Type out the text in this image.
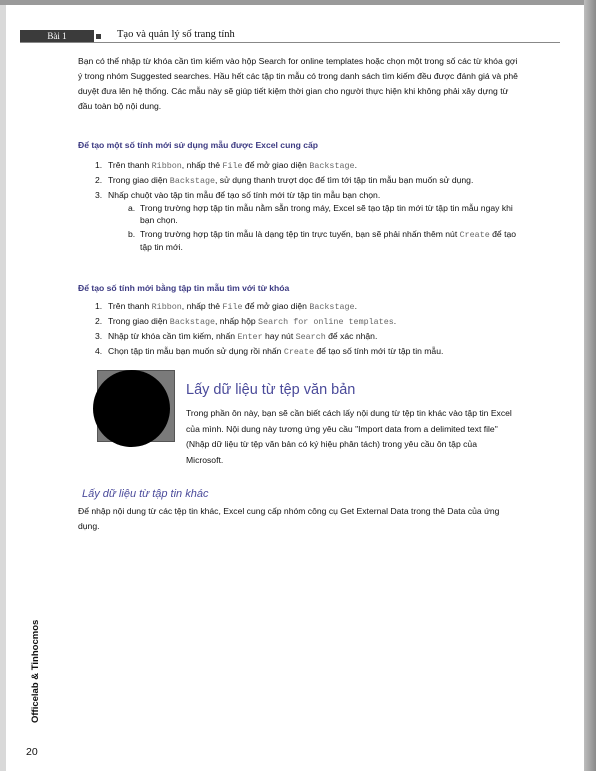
Bài 1	Tạo và quản lý số trang tính

Bạn có thể nhập từ khóa cần tìm kiếm vào hộp Search for online templates hoặc chọn một trong số các từ khóa gợi ý trong nhóm Suggested searches. Hầu hết các tập tin mẫu có trong danh sách tìm kiếm đều được đánh giá và phê duyệt đưa lên hệ thống. Các mẫu này sẽ giúp tiết kiệm thời gian cho người thực hiện khi không phải xây dựng từ đầu toàn bộ nội dung.

Để tạo một số tính mới sử dụng mẫu được Excel cung cấp
1. Trên thanh Ribbon, nhấp thẻ File để mở giao diện Backstage.
2. Trong giao diện Backstage, sử dụng thanh trượt dọc để tìm tới tập tin mẫu bạn muốn sử dụng.
3. Nhấp chuột vào tập tin mẫu để tạo số tính mới từ tập tin mẫu bạn chọn.
a. Trong trường hợp tập tin mẫu nằm sẵn trong máy, Excel sẽ tạo tập tin mới từ tập tin mẫu ngay khi bạn chọn.
b. Trong trường hợp tập tin mẫu là dạng tệp tin trực tuyến, bạn sẽ phải nhấn thêm nút Create để tạo tập tin mới.
Để tạo số tính mới bằng tập tin mẫu tìm với từ khóa
1. Trên thanh Ribbon, nhấp thẻ File để mở giao diện Backstage.
2. Trong giao diện Backstage, nhấp hộp Search for online templates.
3. Nhập từ khóa cần tìm kiếm, nhấn Enter hay nút Search để xác nhận.
4. Chọn tập tin mẫu bạn muốn sử dụng rồi nhấn Create để tạo số tính mới từ tập tin mẫu.
Lấy dữ liệu từ tệp văn bản
Trong phần ôn này, bạn sẽ cần biết cách lấy nội dung từ tệp tin khác vào tập tin Excel của mình. Nội dung này tương ứng yêu cầu "Import data from a delimited text file" (Nhập dữ liệu từ tệp văn bản có ký hiệu phân tách) trong yêu cầu ôn tập của Microsoft.
Lấy dữ liệu từ tập tin khác
Để nhập nội dung từ các tệp tin khác, Excel cung cấp nhóm công cụ Get External Data trong thẻ Data của ứng dụng.
Officelab & Tinhocmos
20
